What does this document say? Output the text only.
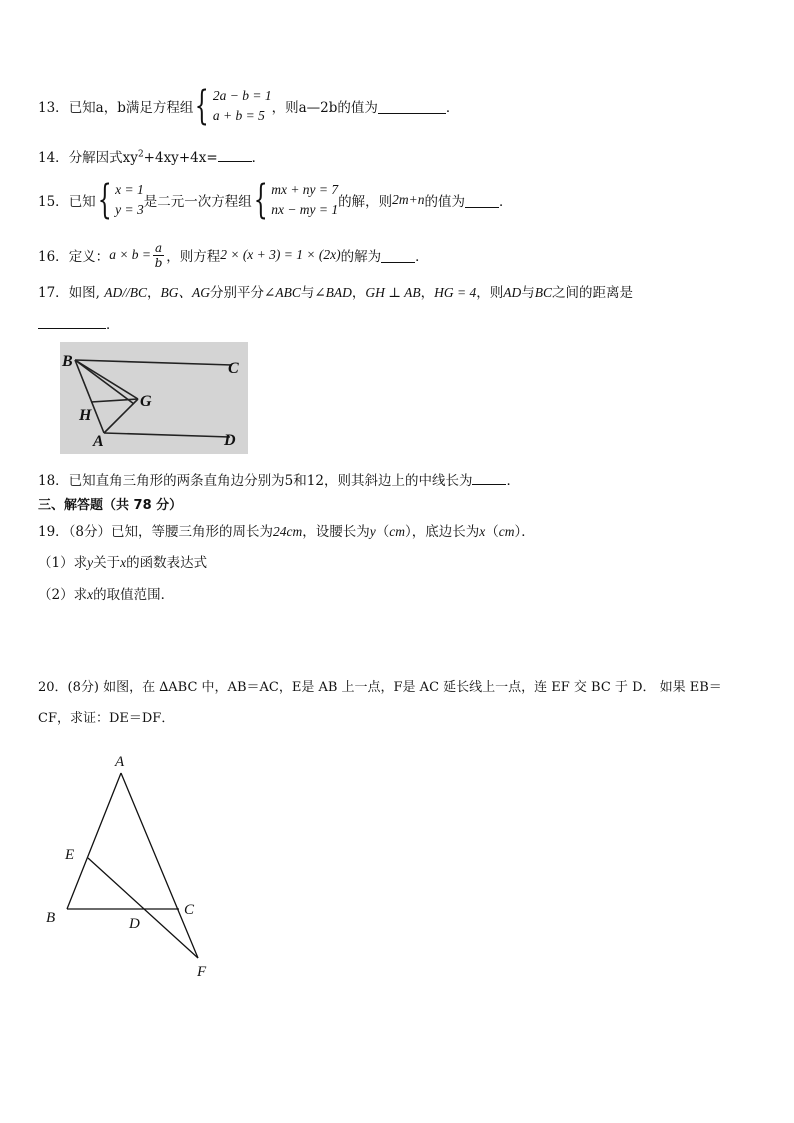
13． 已知a，b满足方程组 { 2a − b = 1
a + b = 5 ，则a—2b的值为	．
14．分解因式$xy^2+4xy+4x=$	．
15． 已知 { x = 1
y = 3 是二元一次方程组 { mx + ny = 7
nx − my = 1 的解，则 2m+n 的值为	．
16． 定义： $a \times b = \frac{a}{b}$ ，则方程 2 × (x + 3) = 1 × (2x) 的解为	．
17．如图, AD//BC，BG、AG分别平分∠ABC与∠BAD，GH ⊥ AB，HG = 4，则AD与BC之间的距离是
．
B	C
G
H
A	D
18．已知直角三角形的两条直角边分别为5和12，则其斜边上的中线长为	．
三、解答题（共 78 分）
19．（8分）已知，等腰三角形的周长为24cm，设腰长为y（cm），底边长为x（cm）．
（1）求y关于x的函数表达式
（2）求x的取值范围．
20．(8分) 如图，在 ∆ABC 中，AB＝AC，E是 AB 上一点，F是 AC 延长线上一点，连 EF 交 BC 于 D． 如果 EB＝
CF，求证：DE＝DF．
A
E
B	C
D
F
